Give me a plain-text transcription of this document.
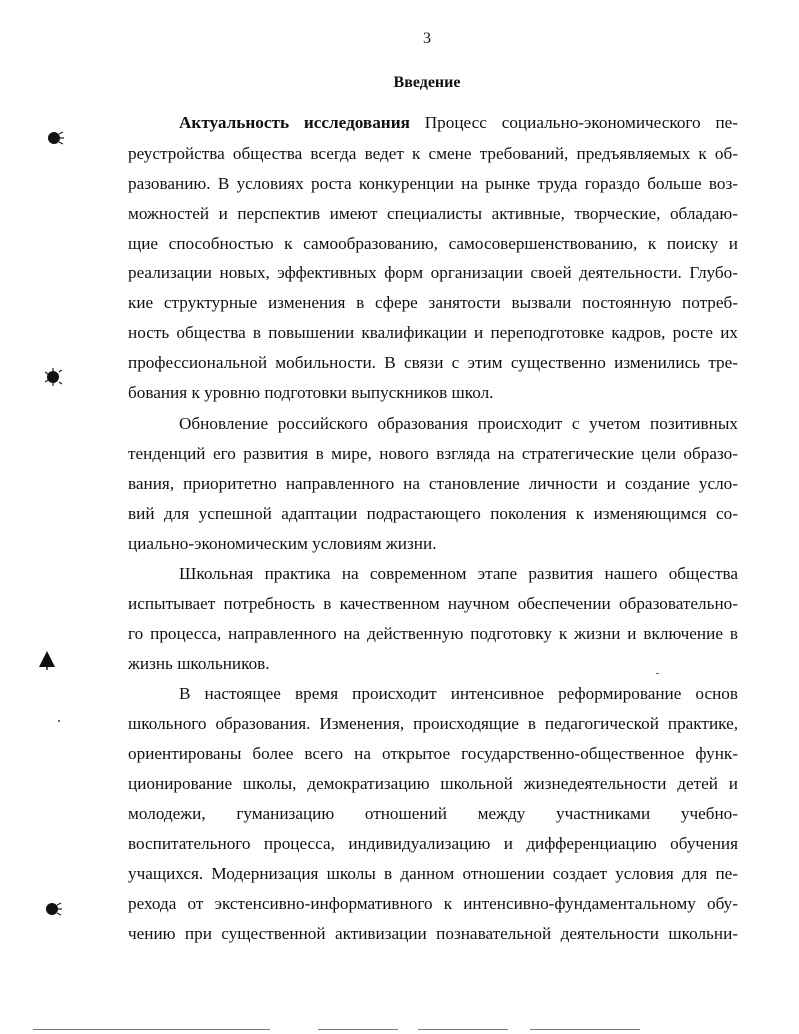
3
Введение
Актуальность исследования Процесс социально-экономического пе-
реустройства общества всегда ведет к смене требований, предъявляемых к об-
разованию. В условиях роста конкуренции на рынке труда гораздо больше воз-
можностей и перспектив имеют специалисты активные, творческие, обладаю-
щие способностью к самообразованию, самосовершенствованию, к поиску и
реализации новых, эффективных форм организации своей деятельности. Глубо-
кие структурные изменения в сфере занятости вызвали постоянную потреб-
ность общества в повышении квалификации и переподготовке кадров, росте их
профессиональной мобильности. В связи с этим существенно изменились тре-
бования к уровню подготовки выпускников школ.
Обновление российского образования происходит с учетом позитивных
тенденций его развития в мире, нового взгляда на стратегические цели образо-
вания, приоритетно направленного на становление личности и создание усло-
вий для успешной адаптации подрастающего поколения к изменяющимся со-
циально-экономическим условиям жизни.
Школьная практика на современном этапе развития нашего общества
испытывает потребность в качественном научном обеспечении образовательно-
го процесса, направленного на действенную подготовку к жизни и включение в
жизнь школьников.
В настоящее время происходит интенсивное реформирование основ
школьного образования. Изменения, происходящие в педагогической практике,
ориентированы более всего на открытое государственно-общественное функ-
ционирование школы, демократизацию школьной жизнедеятельности детей и
молодежи, гуманизацию отношений между участниками учебно-
воспитательного процесса, индивидуализацию и дифференциацию обучения
учащихся. Модернизация школы в данном отношении создает условия для пе-
рехода от экстенсивно-информативного к интенсивно-фундаментальному обу-
чению при существенной активизации познавательной деятельности школьни-
